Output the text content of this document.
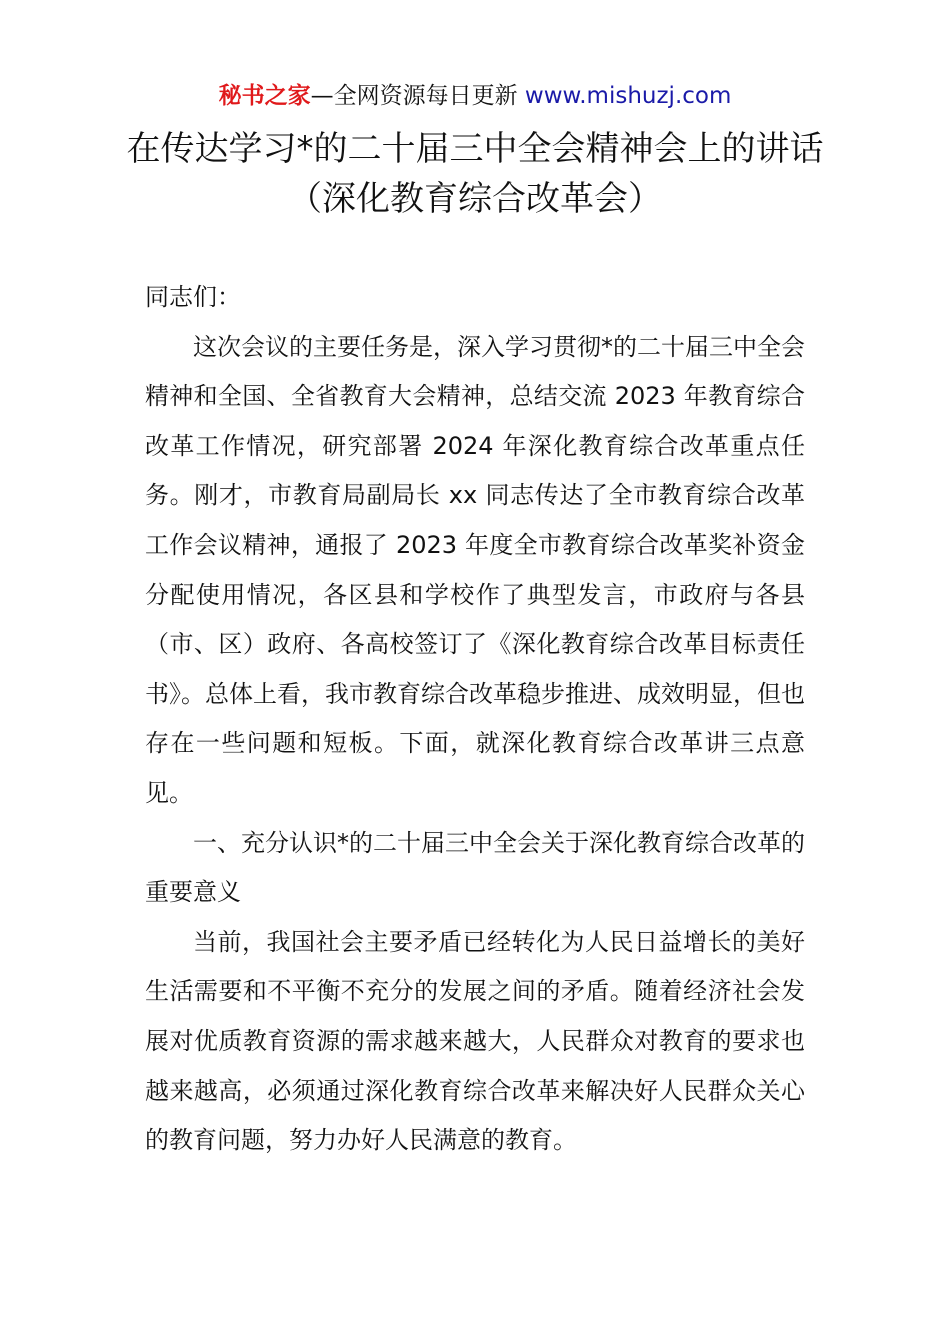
秘书之家—全网资源每日更新 www.mishuzj.com
在传达学习*的二十届三中全会精神会上的讲话（深化教育综合改革会）

同志们：

这次会议的主要任务是，深入学习贯彻*的二十届三中全会精神和全国、全省教育大会精神，总结交流 2023 年教育综合改革工作情况，研究部署 2024 年深化教育综合改革重点任务。刚才，市教育局副局长 xx 同志传达了全市教育综合改革工作会议精神，通报了 2023 年度全市教育综合改革奖补资金分配使用情况，各区县和学校作了典型发言，市政府与各县（市、区）政府、各高校签订了《深化教育综合改革目标责任书》。总体上看，我市教育综合改革稳步推进、成效明显，但也存在一些问题和短板。下面，就深化教育综合改革讲三点意见。

一、充分认识*的二十届三中全会关于深化教育综合改革的重要意义

当前，我国社会主要矛盾已经转化为人民日益增长的美好生活需要和不平衡不充分的发展之间的矛盾。随着经济社会发展对优质教育资源的需求越来越大，人民群众对教育的要求也越来越高，必须通过深化教育综合改革来解决好人民群众关心的教育问题，努力办好人民满意的教育。
